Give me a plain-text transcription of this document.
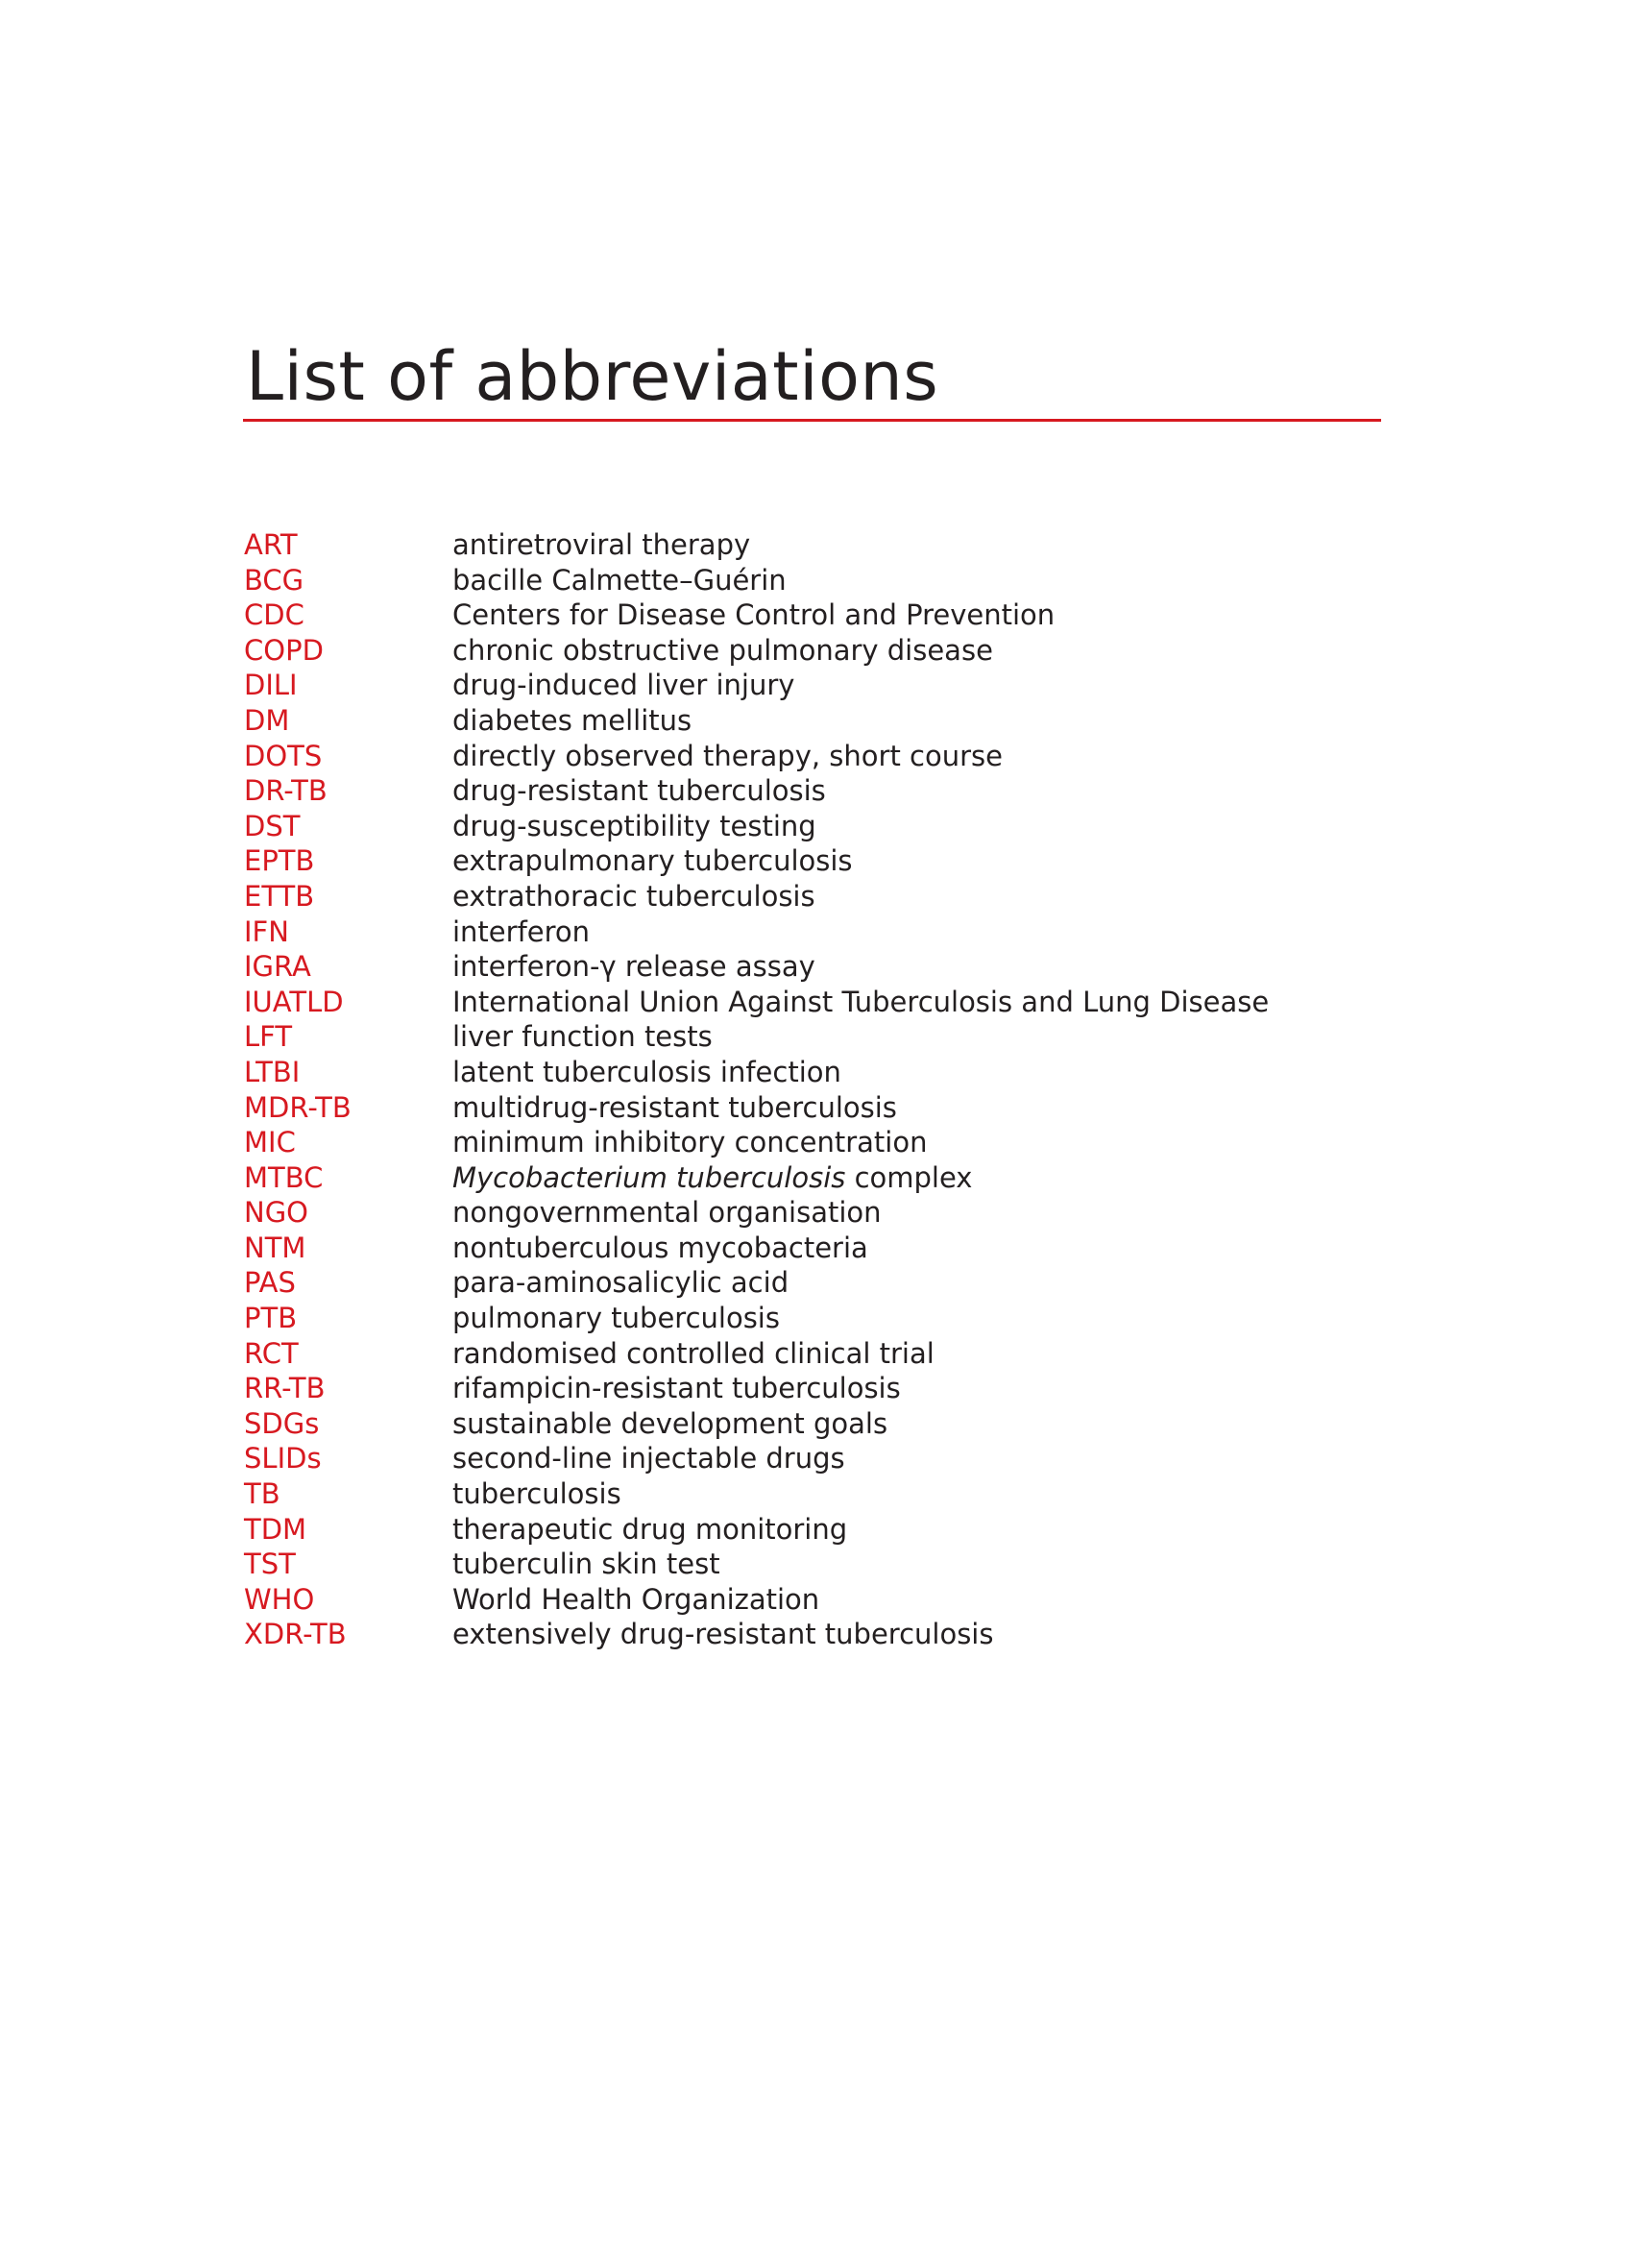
List of abbreviations
ART	antiretroviral therapy
BCG	bacille Calmette–Guérin
CDC	Centers for Disease Control and Prevention
COPD	chronic obstructive pulmonary disease
DILI	drug-induced liver injury
DM	diabetes mellitus
DOTS	directly observed therapy, short course
DR-TB	drug-resistant tuberculosis
DST	drug-susceptibility testing
EPTB	extrapulmonary tuberculosis
ETTB	extrathoracic tuberculosis
IFN	interferon
IGRA	interferon-γ release assay
IUATLD	International Union Against Tuberculosis and Lung Disease
LFT	liver function tests
LTBI	latent tuberculosis infection
MDR-TB	multidrug-resistant tuberculosis
MIC	minimum inhibitory concentration
MTBC	Mycobacterium tuberculosis complex
NGO	nongovernmental organisation
NTM	nontuberculous mycobacteria
PAS	para-aminosalicylic acid
PTB	pulmonary tuberculosis
RCT	randomised controlled clinical trial
RR-TB	rifampicin-resistant tuberculosis
SDGs	sustainable development goals
SLIDs	second-line injectable drugs
TB	tuberculosis
TDM	therapeutic drug monitoring
TST	tuberculin skin test
WHO	World Health Organization
XDR-TB	extensively drug-resistant tuberculosis
